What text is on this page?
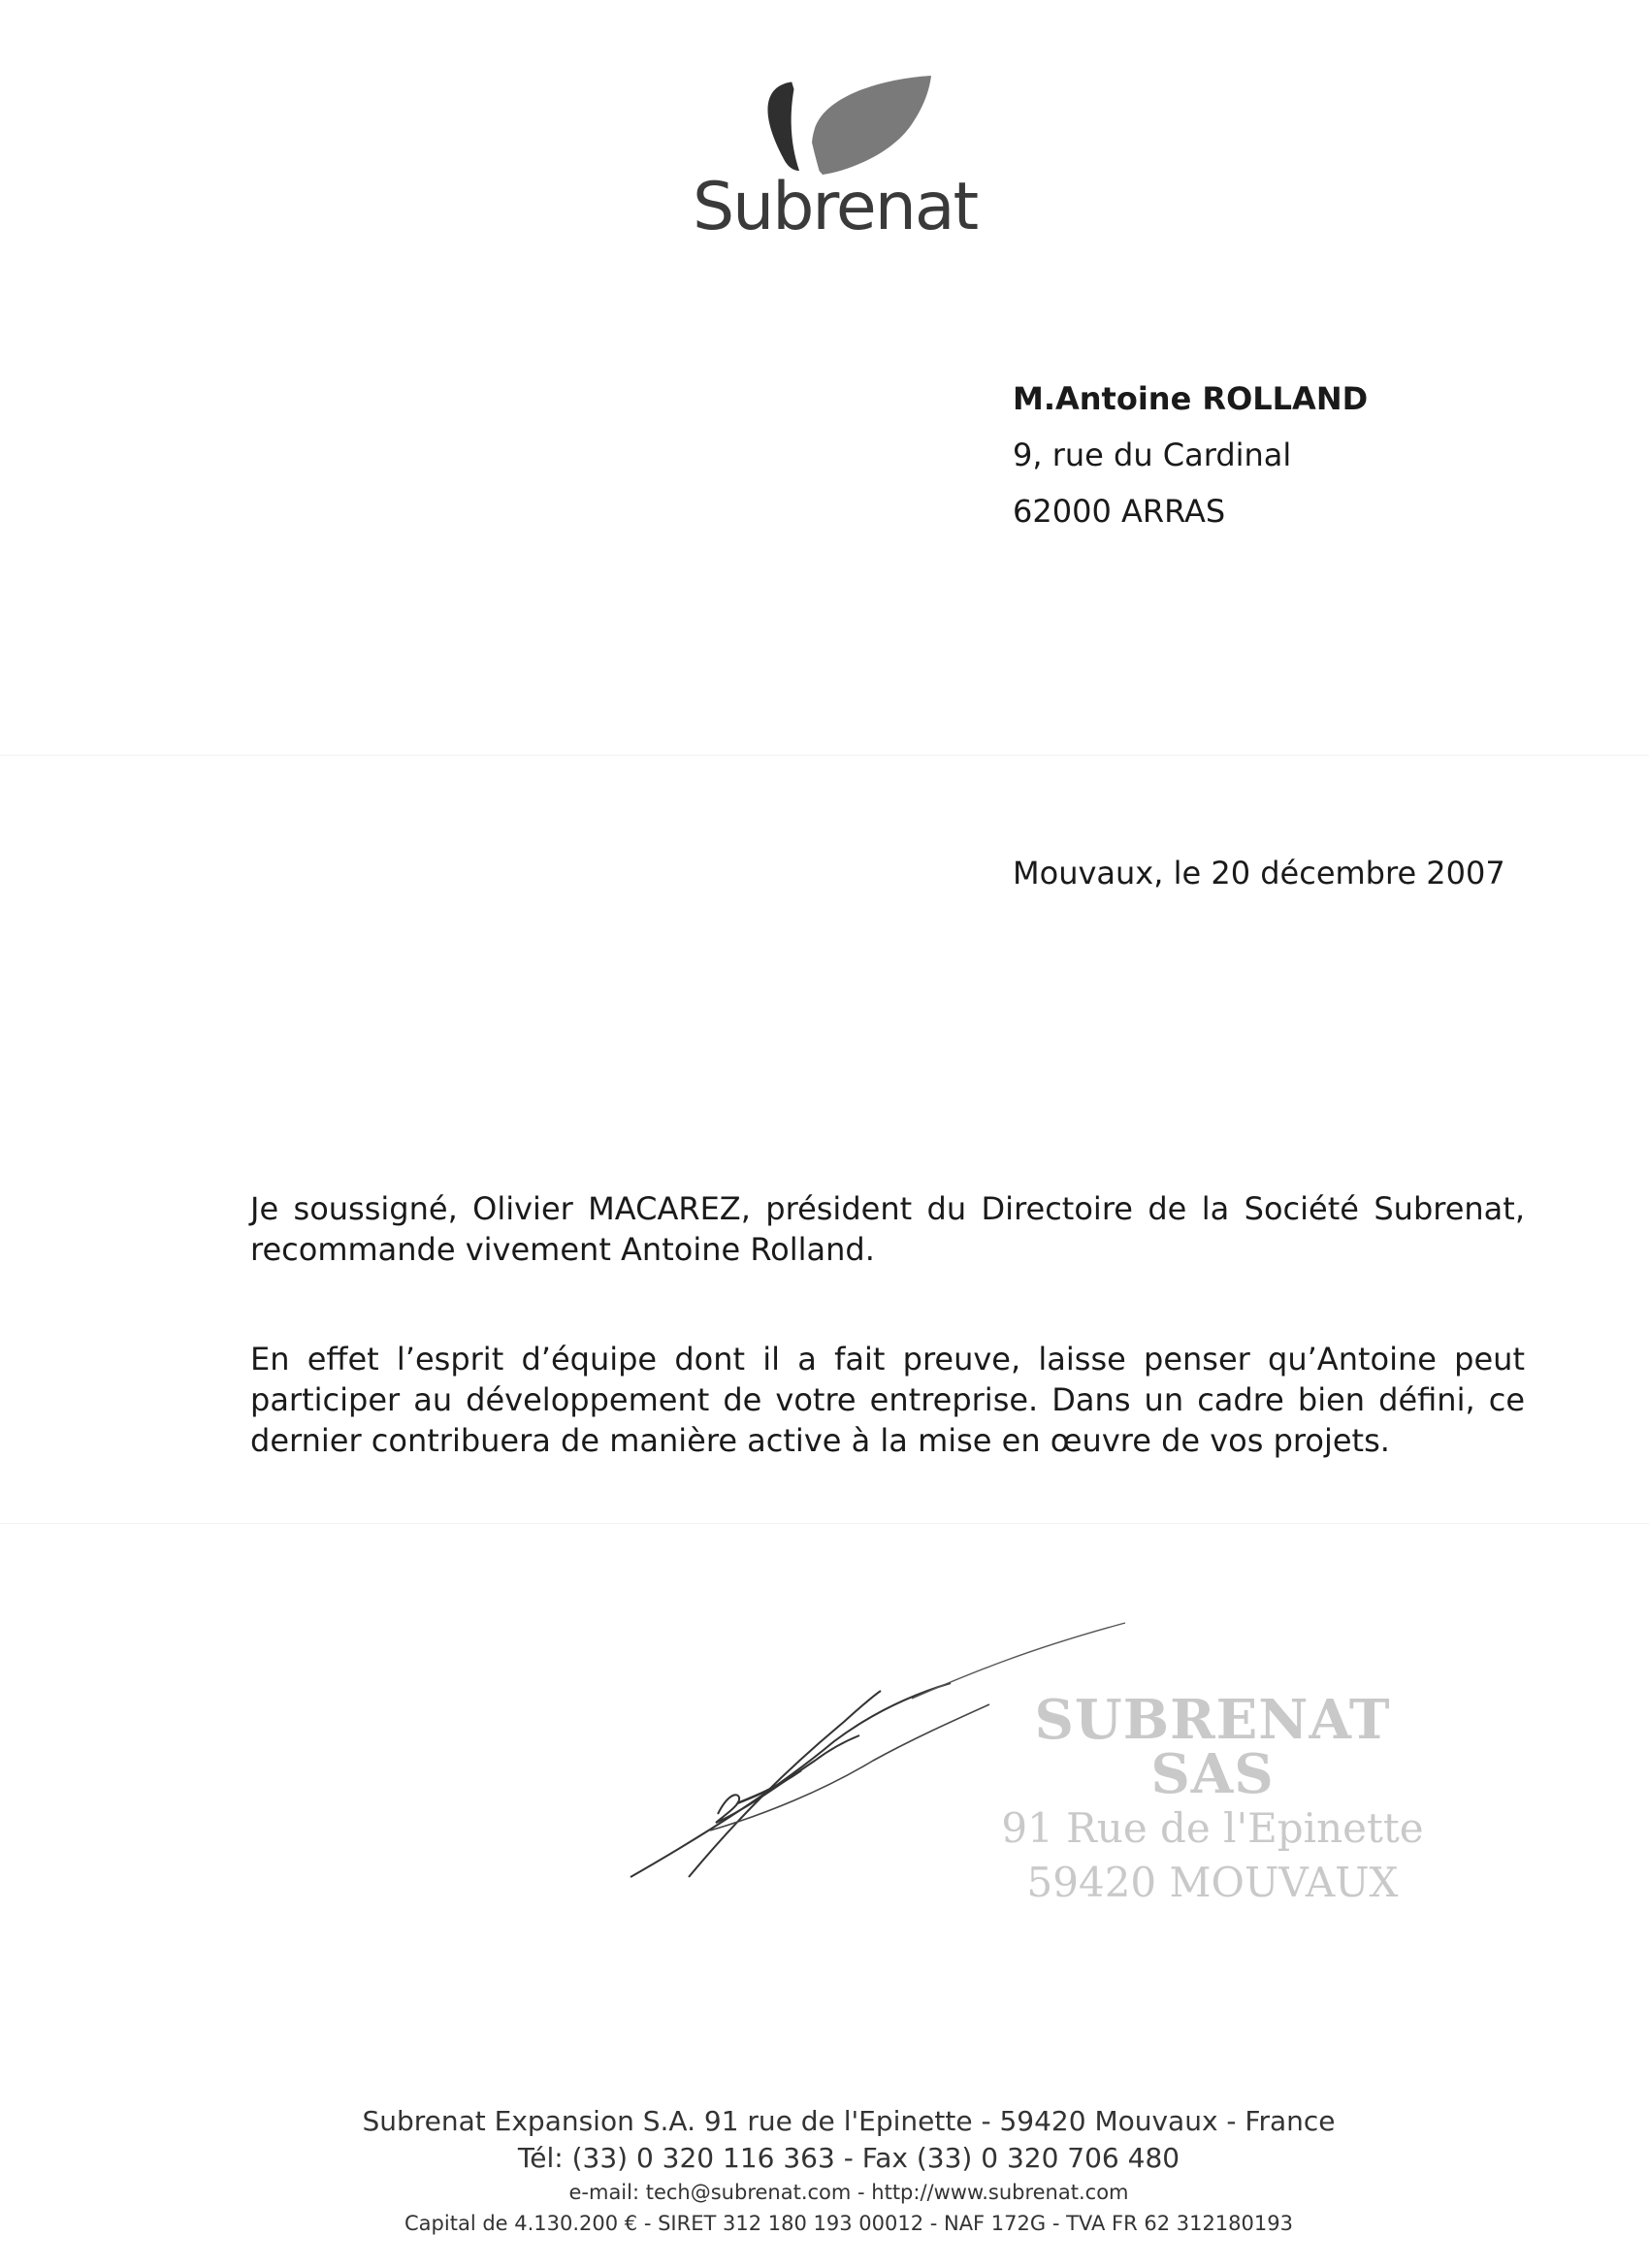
Subrenat
M.Antoine ROLLAND
9, rue du Cardinal
62000 ARRAS
Mouvaux, le 20 décembre 2007
Je soussigné, Olivier MACAREZ, président du Directoire de la Société Subrenat, recommande vivement Antoine Rolland.
En effet l’esprit d’équipe dont il a fait preuve, laisse penser qu’Antoine peut participer au développement de votre entreprise. Dans un cadre bien défini, ce dernier contribuera de manière active à la mise en œuvre de vos projets.
SUBRENAT SAS
91 Rue de l'Epinette
59420 MOUVAUX
Subrenat Expansion S.A. 91 rue de l'Epinette - 59420 Mouvaux - France
Tél: (33) 0 320 116 363 - Fax (33) 0 320 706 480
e-mail: tech@subrenat.com - http://www.subrenat.com
Capital de 4.130.200 € - SIRET 312 180 193 00012 - NAF 172G - TVA FR 62 312180193
